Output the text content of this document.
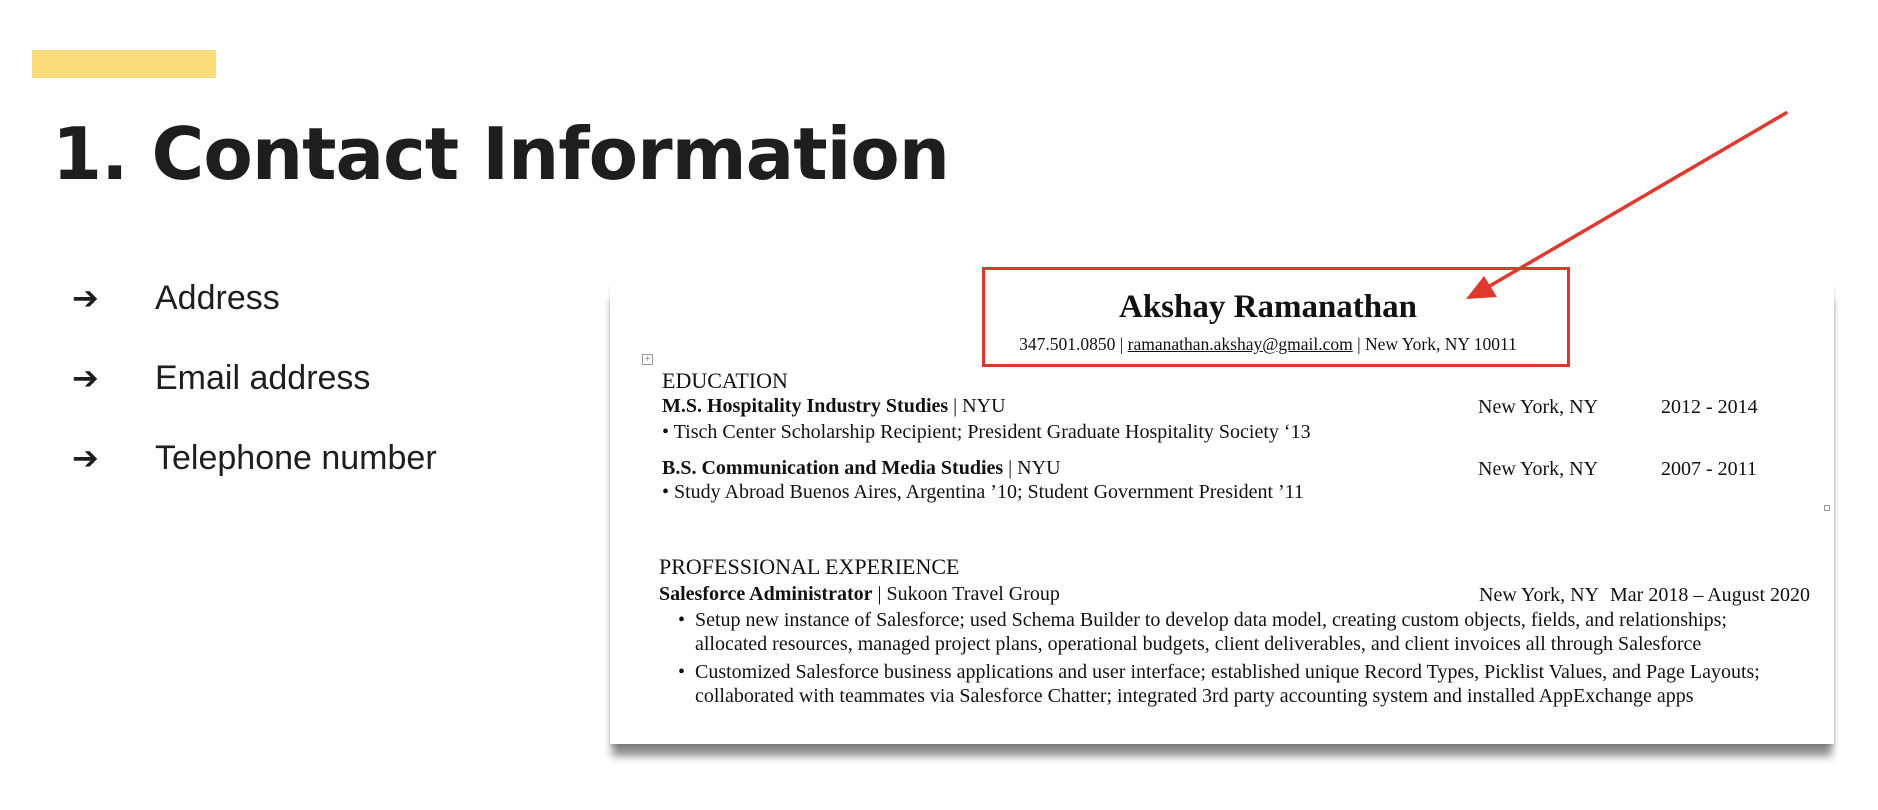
1. Contact Information
➔	Address
➔	Email address
➔	Telephone number
Akshay Ramanathan
347.501.0850 | ramanathan.akshay@gmail.com | New York, NY 10011
+
EDUCATION
M.S. Hospitality Industry Studies | NYU	New York, NY	2012 - 2014
• Tisch Center Scholarship Recipient; President Graduate Hospitality Society ‘13
B.S. Communication and Media Studies | NYU	New York, NY	2007 - 2011
• Study Abroad Buenos Aires, Argentina ’10; Student Government President ’11
PROFESSIONAL EXPERIENCE
Salesforce Administrator | Sukoon Travel Group	New York, NY Mar 2018 – August 2020
• Setup new instance of Salesforce; used Schema Builder to develop data model, creating custom objects, fields, and relationships;
allocated resources, managed project plans, operational budgets, client deliverables, and client invoices all through Salesforce
• Customized Salesforce business applications and user interface; established unique Record Types, Picklist Values, and Page Layouts;
collaborated with teammates via Salesforce Chatter; integrated 3rd party accounting system and installed AppExchange apps
